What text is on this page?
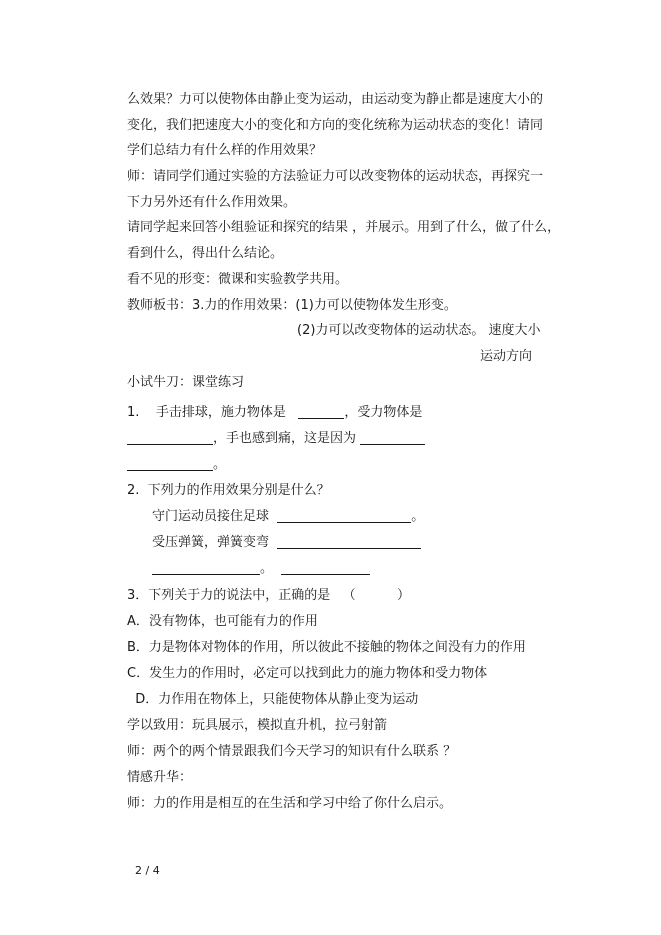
么效果？力可以使物体由静止变为运动，由运动变为静止都是速度大小的
变化，我们把速度大小的变化和方向的变化统称为运动状态的变化！请同
学们总结力有什么样的作用效果？
师：请同学们通过实验的方法验证力可以改变物体的运动状态，再探究一
下力另外还有什么作用效果。
请同学起来回答小组验证和探究的结果 ，并展示。用到了什么，做了什么，
看到什么，得出什么结论。
看不见的形变：微课和实验教学共用。
教师板书：3.力的作用效果：(1)力可以使物体发生形变。
(2)力可以改变物体的运动状态。 速度大小
运动方向
小试牛刀：课堂练习
1.    手击排球，施力物体是	，受力物体是
，手也感到痛，这是因为
。
2.  下列力的作用效果分别是什么？
守门运动员接住足球	。
受压弹簧，弹簧变弯
。
3．下列关于力的说法中，正确的是   （          ）
A．没有物体，也可能有力的作用
B．力是物体对物体的作用，所以彼此不接触的物体之间没有力的作用
C．发生力的作用时，必定可以找到此力的施力物体和受力物体
D．力作用在物体上，只能使物体从静止变为运动
学以致用：玩具展示，模拟直升机，拉弓射箭
师：两个的两个情景跟我们今天学习的知识有什么联系 ？
情感升华：
师：力的作用是相互的在生活和学习中给了你什么启示。
2 / 4
